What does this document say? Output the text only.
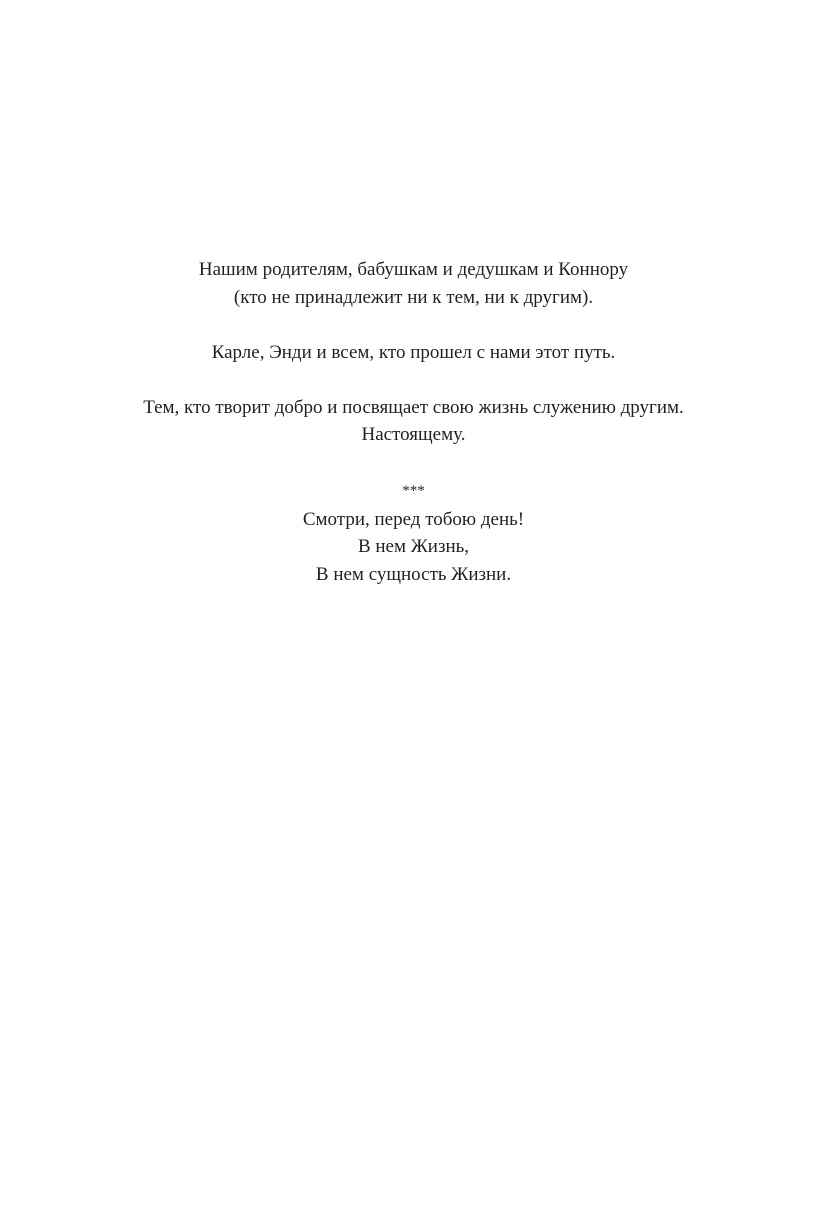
Нашим родителям, бабушкам и дедушкам и Коннору
(кто не принадлежит ни к тем, ни к другим).

Карле, Энди и всем, кто прошел с нами этот путь.

Тем, кто творит добро и посвящает свою жизнь служению другим.
Настоящему.

***

Смотри, перед тобою день!
В нем Жизнь,
В нем сущность Жизни.
